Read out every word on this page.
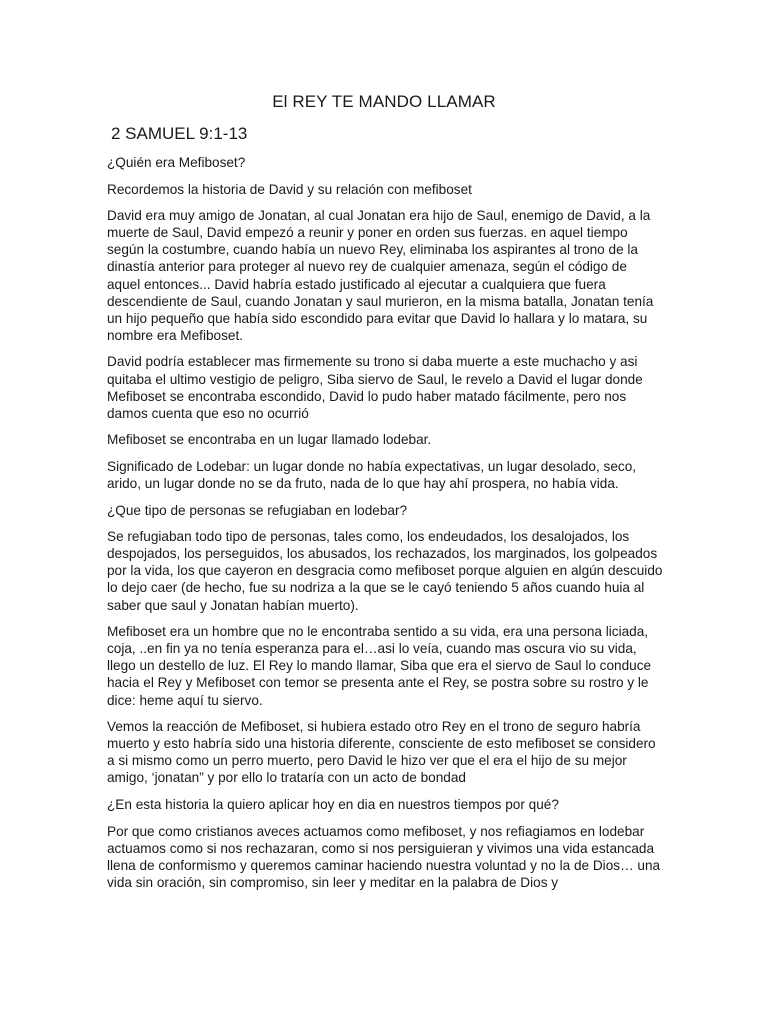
El REY TE MANDO LLAMAR
2 SAMUEL 9:1-13

¿Quién era Mefiboset?

Recordemos la historia de David y su relación con mefiboset

David era muy amigo de Jonatan, al cual Jonatan era hijo de Saul, enemigo de David, a la muerte de Saul, David empezó a reunir y poner en orden sus fuerzas. en aquel tiempo según la costumbre, cuando había un nuevo Rey, eliminaba los aspirantes al trono de la dinastía anterior para proteger al nuevo rey de cualquier amenaza, según el código de aquel entonces... David habría estado justificado al ejecutar a cualquiera que fuera descendiente de Saul, cuando Jonatan y saul murieron, en la misma batalla, Jonatan tenía un hijo pequeño que había sido escondido para evitar que David lo hallara y lo matara, su nombre era Mefiboset.

David podría establecer mas firmemente su trono si daba muerte a este muchacho y asi quitaba el ultimo vestigio de peligro, Siba siervo de Saul, le revelo a David el lugar donde Mefiboset se encontraba escondido, David lo pudo haber matado fácilmente, pero nos damos cuenta que eso no ocurrió

Mefiboset se encontraba en un lugar llamado lodebar.

Significado de Lodebar: un lugar donde no había expectativas, un lugar desolado, seco, arido, un lugar donde no se da fruto, nada de lo que hay ahí prospera, no había vida.

¿Que tipo de personas se refugiaban en lodebar?

Se refugiaban todo tipo de personas, tales como, los endeudados, los desalojados, los despojados, los perseguidos, los abusados, los rechazados, los marginados, los golpeados por la vida, los que cayeron en desgracia como mefiboset porque alguien en algún descuido lo dejo caer (de hecho, fue su nodriza a la que se le cayó teniendo 5 años cuando huia al saber que saul y Jonatan habían muerto).

Mefiboset era un hombre que no le encontraba sentido a su vida, era una persona liciada, coja, ..en fin ya no tenía esperanza para el…asi lo veía, cuando mas oscura vio su vida, llego un destello de luz. El Rey lo mando llamar, Siba que era el siervo de Saul lo conduce hacia el Rey y Mefiboset con temor se presenta ante el Rey, se postra sobre su rostro y le dice: heme aquí tu siervo.

Vemos la reacción de Mefiboset, si hubiera estado otro Rey en el trono de seguro habría muerto y esto habría sido una historia diferente, consciente de esto mefiboset se considero a si mismo como un perro muerto, pero David le hizo ver que el era el hijo de su mejor amigo, ‘jonatan” y por ello lo trataría con un acto de bondad

¿En esta historia la quiero aplicar hoy en dia en nuestros tiempos por qué?

Por que como cristianos aveces actuamos como mefiboset, y nos refiagiamos en lodebar actuamos como si nos rechazaran, como si nos persiguieran y vivimos una vida estancada llena de conformismo y queremos caminar haciendo nuestra voluntad y no la de Dios… una vida sin oración, sin compromiso, sin leer y meditar en la palabra de Dios y
